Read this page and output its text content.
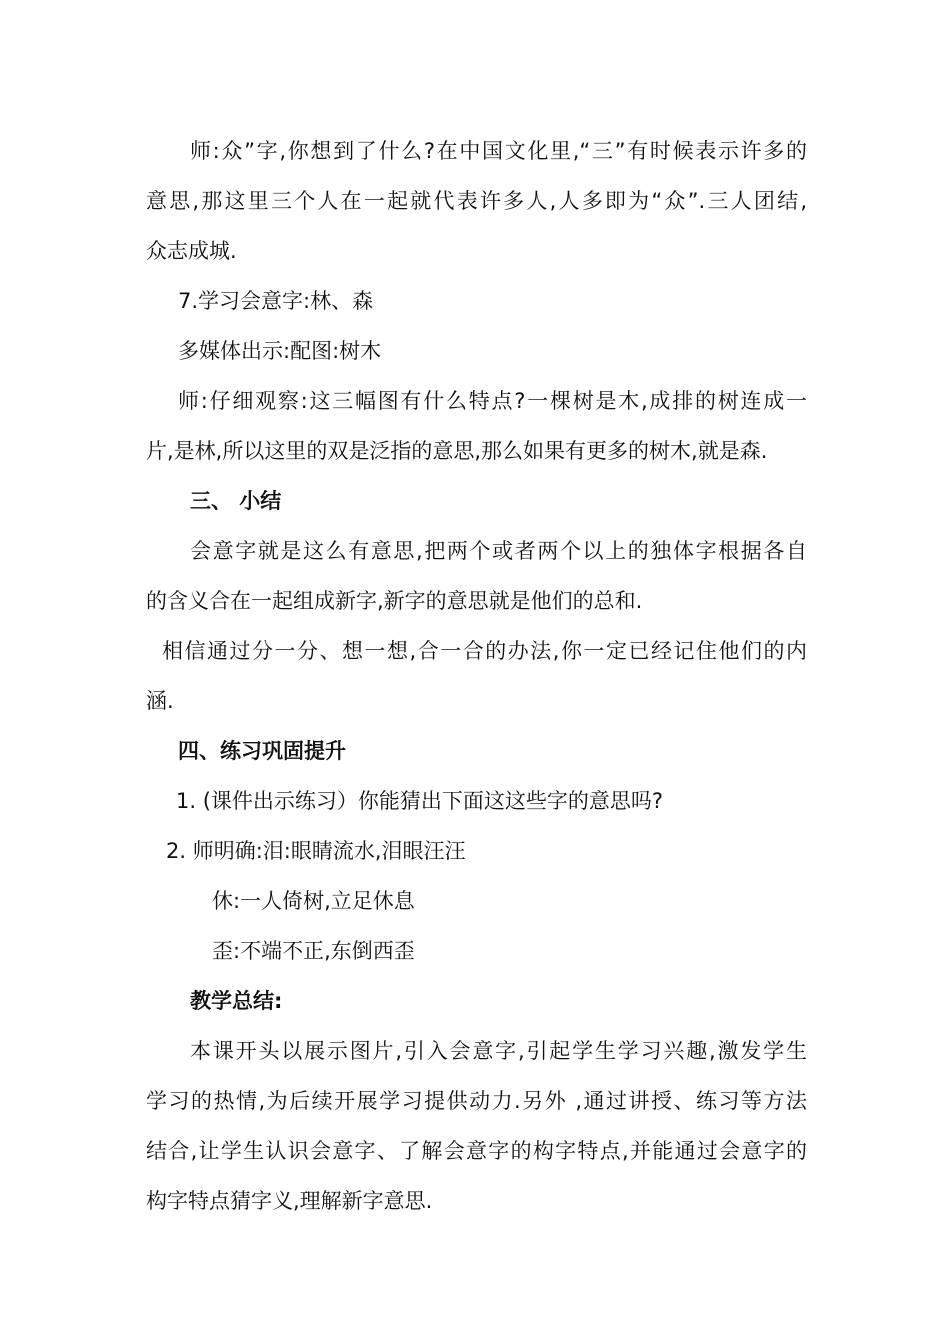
师:众”字,你想到了什么?在中国文化里,“三”有时候表示许多的
意思,那这里三个人在一起就代表许多人,人多即为“众”.三人团结,
众志成城.
7.学习会意字:林、森
多媒体出示:配图:树木
师:仔细观察:这三幅图有什么特点?一棵树是木,成排的树连成一
片,是林,所以这里的双是泛指的意思,那么如果有更多的树木,就是森.
三、 小结
会意字就是这么有意思,把两个或者两个以上的独体字根据各自
的含义合在一起组成新字,新字的意思就是他们的总和.
相信通过分一分、想一想,合一合的办法,你一定已经记住他们的内
涵.
四、练习巩固提升
1. (课件出示练习）你能猜出下面这这些字的意思吗?
2. 师明确:泪:眼睛流水,泪眼汪汪
休:一人倚树,立足休息
歪:不端不正,东倒西歪
教学总结:
本课开头以展示图片,引入会意字,引起学生学习兴趣,激发学生
学习的热情,为后续开展学习提供动力.另外 ,通过讲授、练习等方法
结合,让学生认识会意字、了解会意字的构字特点,并能通过会意字的
构字特点猜字义,理解新字意思.
